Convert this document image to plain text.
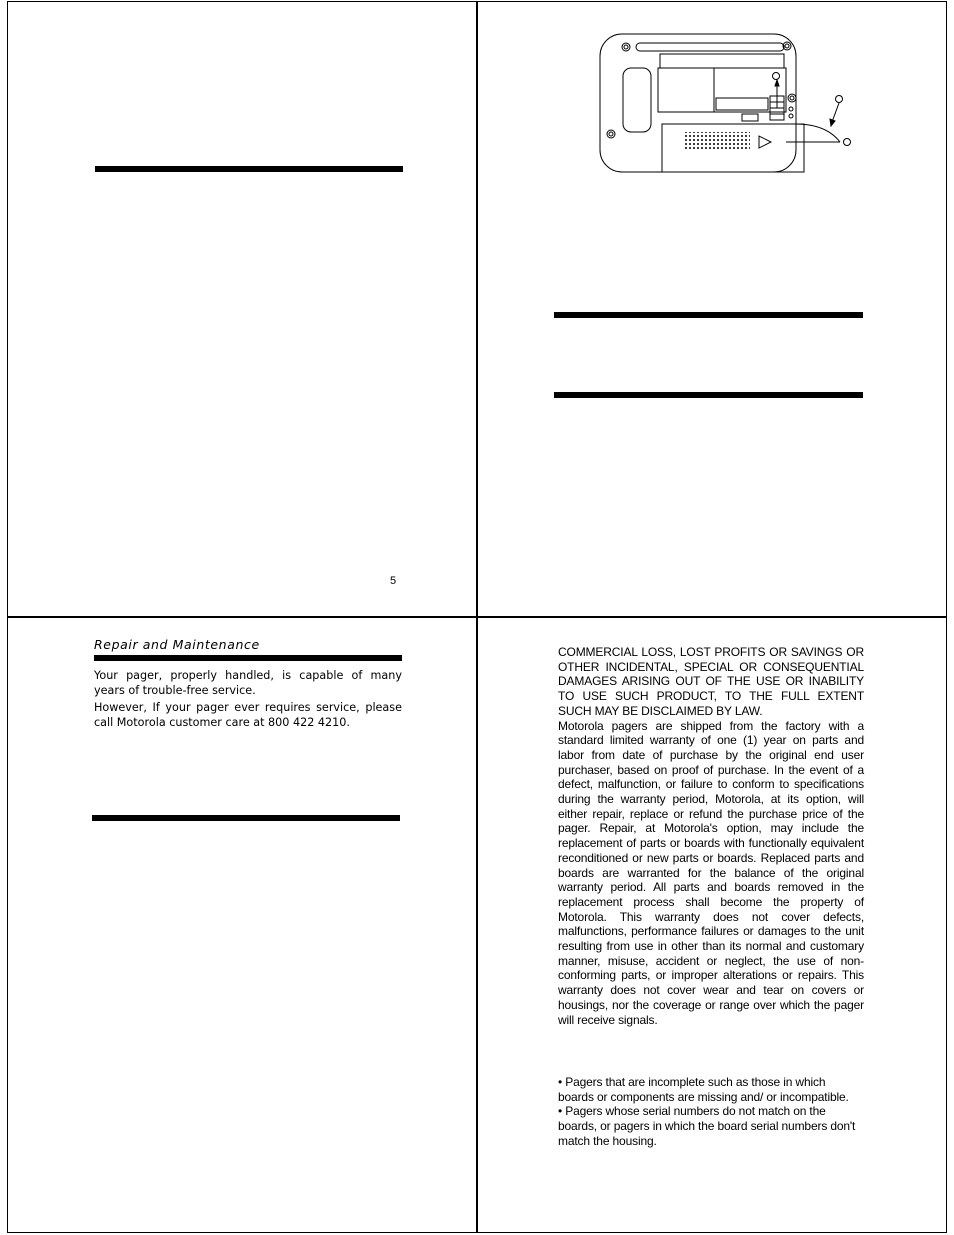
5
Repair and Maintenance

Your pager, properly handled, is capable of many years of trouble-free service.

However, If your pager ever requires service, please call Motorola customer care at 800 422 4210.

COMMERCIAL LOSS, LOST PROFITS OR SAVINGS OR OTHER INCIDENTAL, SPECIAL OR CONSEQUENTIAL DAMAGES ARISING OUT OF THE USE OR INABILITY TO USE SUCH PRODUCT, TO THE FULL EXTENT SUCH MAY BE DISCLAIMED BY LAW.

Motorola pagers are shipped from the factory with a standard limited warranty of one (1) year on parts and labor from date of purchase by the original end user purchaser, based on proof of purchase. In the event of a defect, malfunction, or failure to conform to specifications during the warranty period, Motorola, at its option, will either repair, replace or refund the purchase price of the pager. Repair, at Motorola's option, may include the replacement of parts or boards with functionally equivalent reconditioned or new parts or boards. Replaced parts and boards are warranted for the balance of the original warranty period. All parts and boards removed in the replacement process shall become the property of Motorola. This warranty does not cover defects, malfunctions, performance failures or damages to the unit resulting from use in other than its normal and customary manner, misuse, accident or neglect, the use of non- conforming parts, or improper alterations or repairs. This warranty does not cover wear and tear on covers or housings, nor the coverage or range over which the pager will receive signals.

• Pagers that are incomplete such as those in which boards or components are missing and/ or incompatible.

• Pagers whose serial numbers do not match on the boards, or pagers in which the board serial numbers don't match the housing.
